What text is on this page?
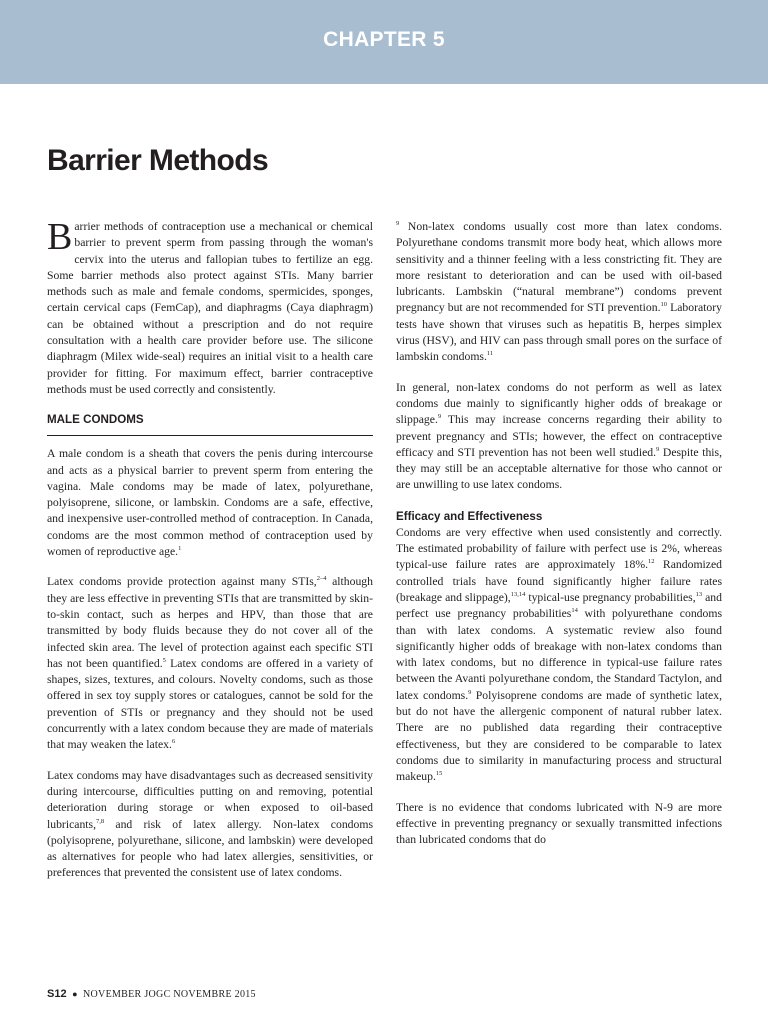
CHAPTER 5
Barrier Methods

Barrier methods of contraception use a mechanical or chemical barrier to prevent sperm from passing through the woman's cervix into the uterus and fallopian tubes to fertilize an egg. Some barrier methods also protect against STIs. Many barrier methods such as male and female condoms, spermicides, sponges, certain cervical caps (FemCap), and diaphragms (Caya diaphragm) can be obtained without a prescription and do not require consultation with a health care provider before use. The silicone diaphragm (Milex wide-seal) requires an initial visit to a health care provider for fitting. For maximum effect, barrier contraceptive methods must be used correctly and consistently.

MALE CONDOMS

A male condom is a sheath that covers the penis during intercourse and acts as a physical barrier to prevent sperm from entering the vagina. Male condoms may be made of latex, polyurethane, polyisoprene, silicone, or lambskin. Condoms are a safe, effective, and inexpensive user-controlled method of contraception. In Canada, condoms are the most common method of contraception used by women of reproductive age.$^1$

Latex condoms provide protection against many STIs,$^{2-4}$ although they are less effective in preventing STIs that are transmitted by skin-to-skin contact, such as herpes and HPV, than those that are transmitted by body fluids because they do not cover all of the infected skin area. The level of protection against each specific STI has not been quantified.$^5$ Latex condoms are offered in a variety of shapes, sizes, textures, and colours. Novelty condoms, such as those offered in sex toy supply stores or catalogues, cannot be sold for the prevention of STIs or pregnancy and they should not be used concurrently with a latex condom because they are made of materials that may weaken the latex.$^6$

Latex condoms may have disadvantages such as decreased sensitivity during intercourse, difficulties putting on and removing, potential deterioration during storage or when exposed to oil-based lubricants,$^{7,8}$ and risk of latex allergy. Non-latex condoms (polyisoprene, polyurethane, silicone, and lambskin) were developed as alternatives for people who had latex allergies, sensitivities, or preferences that prevented the consistent use of latex condoms.

$^9$ Non-latex condoms usually cost more than latex condoms. Polyurethane condoms transmit more body heat, which allows more sensitivity and a thinner feeling with a less constricting fit. They are more resistant to deterioration and can be used with oil-based lubricants. Lambskin (“natural membrane”) condoms prevent pregnancy but are not recommended for STI prevention.$^{10}$ Laboratory tests have shown that viruses such as hepatitis B, herpes simplex virus (HSV), and HIV can pass through small pores on the surface of lambskin condoms.$^{11}$

In general, non-latex condoms do not perform as well as latex condoms due mainly to significantly higher odds of breakage or slippage.$^9$ This may increase concerns regarding their ability to prevent pregnancy and STIs; however, the effect on contraceptive efficacy and STI prevention has not been well studied.$^9$ Despite this, they may still be an acceptable alternative for those who cannot or are unwilling to use latex condoms.

Efficacy and Effectiveness

Condoms are very effective when used consistently and correctly. The estimated probability of failure with perfect use is 2%, whereas typical-use failure rates are approximately 18%.$^{12}$ Randomized controlled trials have found significantly higher failure rates (breakage and slippage),$^{13,14}$ typical-use pregnancy probabilities,$^{13}$ and perfect use pregnancy probabilities$^{14}$ with polyurethane condoms than with latex condoms. A systematic review also found significantly higher odds of breakage with non-latex condoms than with latex condoms, but no difference in typical-use failure rates between the Avanti polyurethane condom, the Standard Tactylon, and latex condoms.$^9$ Polyisoprene condoms are made of synthetic latex, but do not have the allergenic component of natural rubber latex. There are no published data regarding their contraceptive effectiveness, but they are considered to be comparable to latex condoms due to similarity in manufacturing process and structural makeup.$^{15}$

There is no evidence that condoms lubricated with N-9 are more effective in preventing pregnancy or sexually transmitted infections than lubricated condoms that do

S12 ● NOVEMBER JOGC NOVEMBRE 2015
